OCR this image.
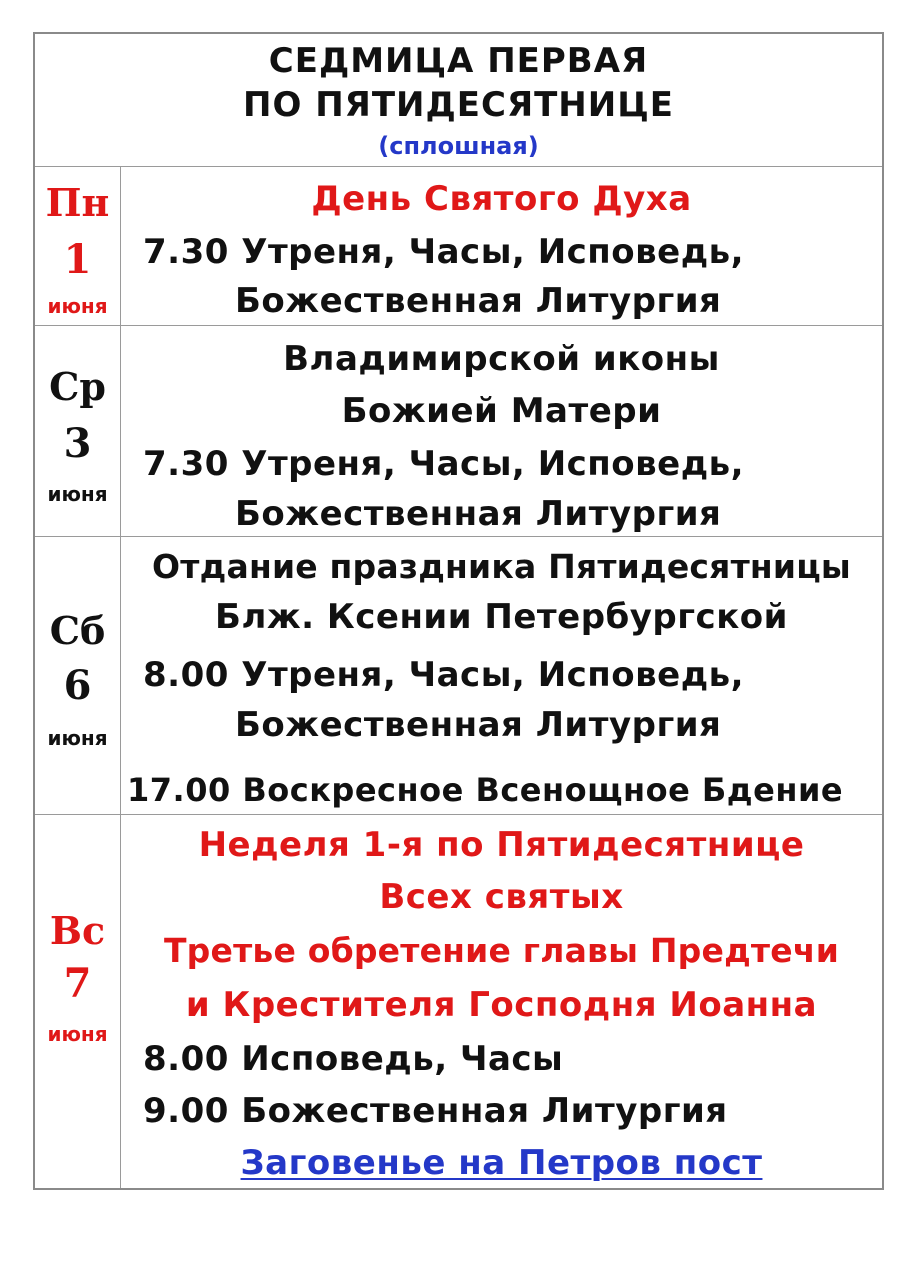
СЕДМИЦА ПЕРВАЯ
ПО ПЯТИДЕСЯТНИЦЕ
(сплошная)
Пн
1
июня
День Святого Духа
7.30 Утреня, Часы, Исповедь,
Божественная Литургия
Ср
3
июня
Владимирской иконы
Божией Матери
7.30 Утреня, Часы, Исповедь,
Божественная Литургия
Сб
6
июня
Отдание праздника Пятидесятницы
Блж. Ксении Петербургской
8.00 Утреня, Часы, Исповедь,
Божественная Литургия
17.00 Воскресное Всенощное Бдение
Вс
7
июня
Неделя 1-я по Пятидесятнице
Всех святых
Третье обретение главы Предтечи
и Крестителя Господня Иоанна
8.00 Исповедь, Часы
9.00 Божественная Литургия
Заговенье на Петров пост
